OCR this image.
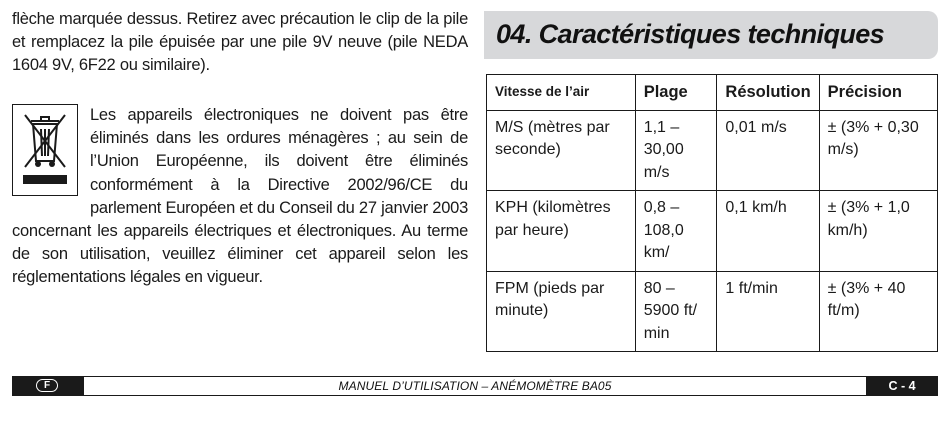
flèche marquée dessus. Retirez avec précaution le clip de la pile et remplacez la pile épuisée par une pile 9V neuve (pile NEDA 1604 9V, 6F22 ou similaire).

Les appareils électroniques ne doivent pas être éliminés dans les ordures ménagères ; au sein de l’Union Européenne, ils doivent être éliminés conformément à la Directive 2002/96/CE du parlement Européen et du Conseil du 27 janvier 2003 concernant les appareils électriques et électroniques. Au terme de son utilisation, veuillez éliminer cet appareil selon les réglementations légales en vigueur.

04. Caractéristiques techniques
Vitesse de l’air	Plage	Résolution	Précision
M/S (mètres par seconde)	1,1 – 30,00 m/s	0,01 m/s	± (3% + 0,30 m/s)
KPH (kilomètres par heure)	0,8 – 108,0 km/	0,1 km/h	± (3% + 1,0 km/h)
FPM (pieds par minute)	80 – 5900 ft/ min	1 ft/min	± (3% + 40 ft/m)
F	MANUEL D’UTILISATION – ANÉMOMÈTRE BA05	C - 4
